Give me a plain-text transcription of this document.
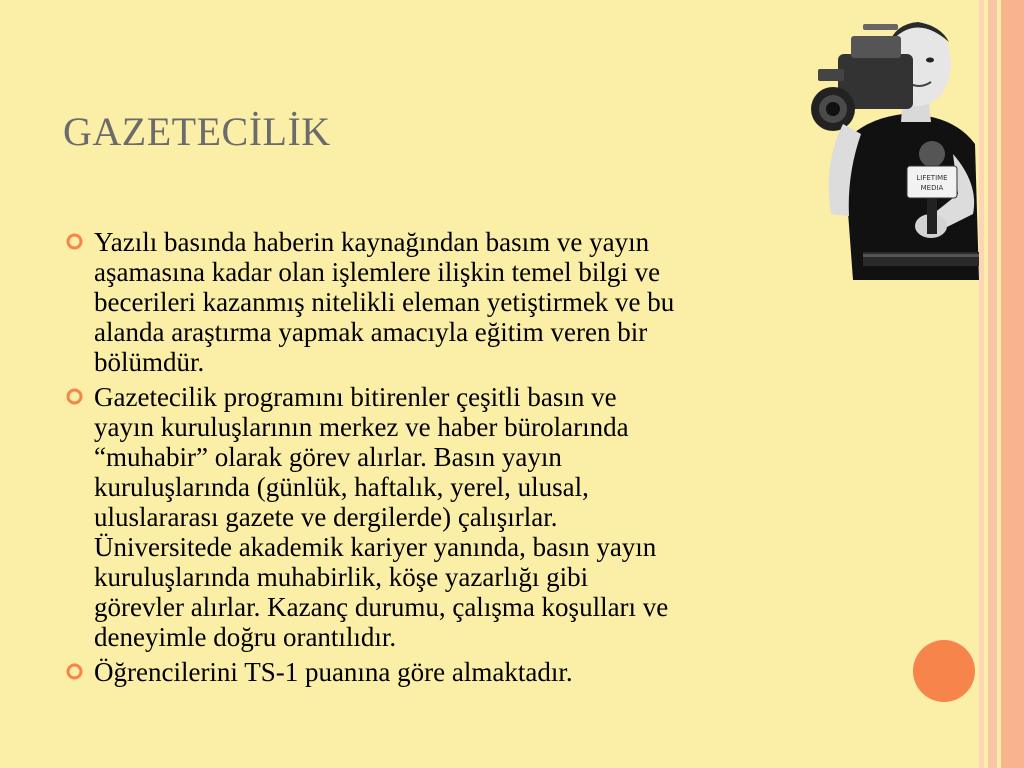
GAZETECİLİK
Yazılı basında haberin kaynağından basım ve yayın
aşamasına kadar olan işlemlere ilişkin temel bilgi ve
becerileri kazanmış nitelikli eleman yetiştirmek ve bu
alanda araştırma yapmak amacıyla eğitim veren bir
bölümdür.
Gazetecilik programını bitirenler çeşitli basın ve
yayın kuruluşlarının merkez ve haber bürolarında
“muhabir” olarak görev alırlar. Basın yayın
kuruluşlarında (günlük, haftalık, yerel, ulusal,
uluslararası gazete ve dergilerde) çalışırlar.
Üniversitede akademik kariyer yanında, basın yayın
kuruluşlarında muhabirlik, köşe yazarlığı gibi
görevler alırlar. Kazanç durumu, çalışma koşulları ve
deneyimle doğru orantılıdır.
Öğrencilerini TS-1 puanına göre almaktadır.
LIFETIME
MEDIA
